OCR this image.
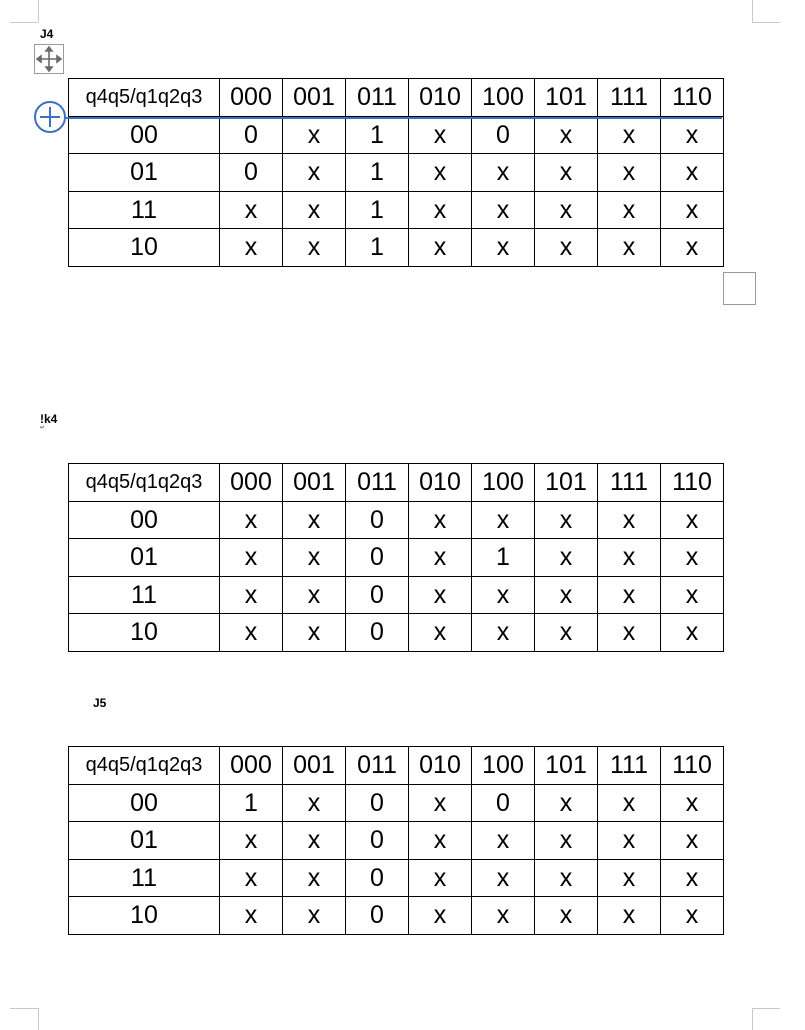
J4
q4q5/q1q2q3	000	001	011	010	100	101	111	110
00	0	x	1	x	0	x	x	x
01	0	x	1	x	x	x	x	x
11	x	x	1	x	x	x	x	x
10	x	x	1	x	x	x	x	x
!k4
q4q5/q1q2q3	000	001	011	010	100	101	111	110
00	x	x	0	x	x	x	x	x
01	x	x	0	x	1	x	x	x
11	x	x	0	x	x	x	x	x
10	x	x	0	x	x	x	x	x
J5
q4q5/q1q2q3	000	001	011	010	100	101	111	110
00	1	x	0	x	0	x	x	x
01	x	x	0	x	x	x	x	x
11	x	x	0	x	x	x	x	x
10	x	x	0	x	x	x	x	x
